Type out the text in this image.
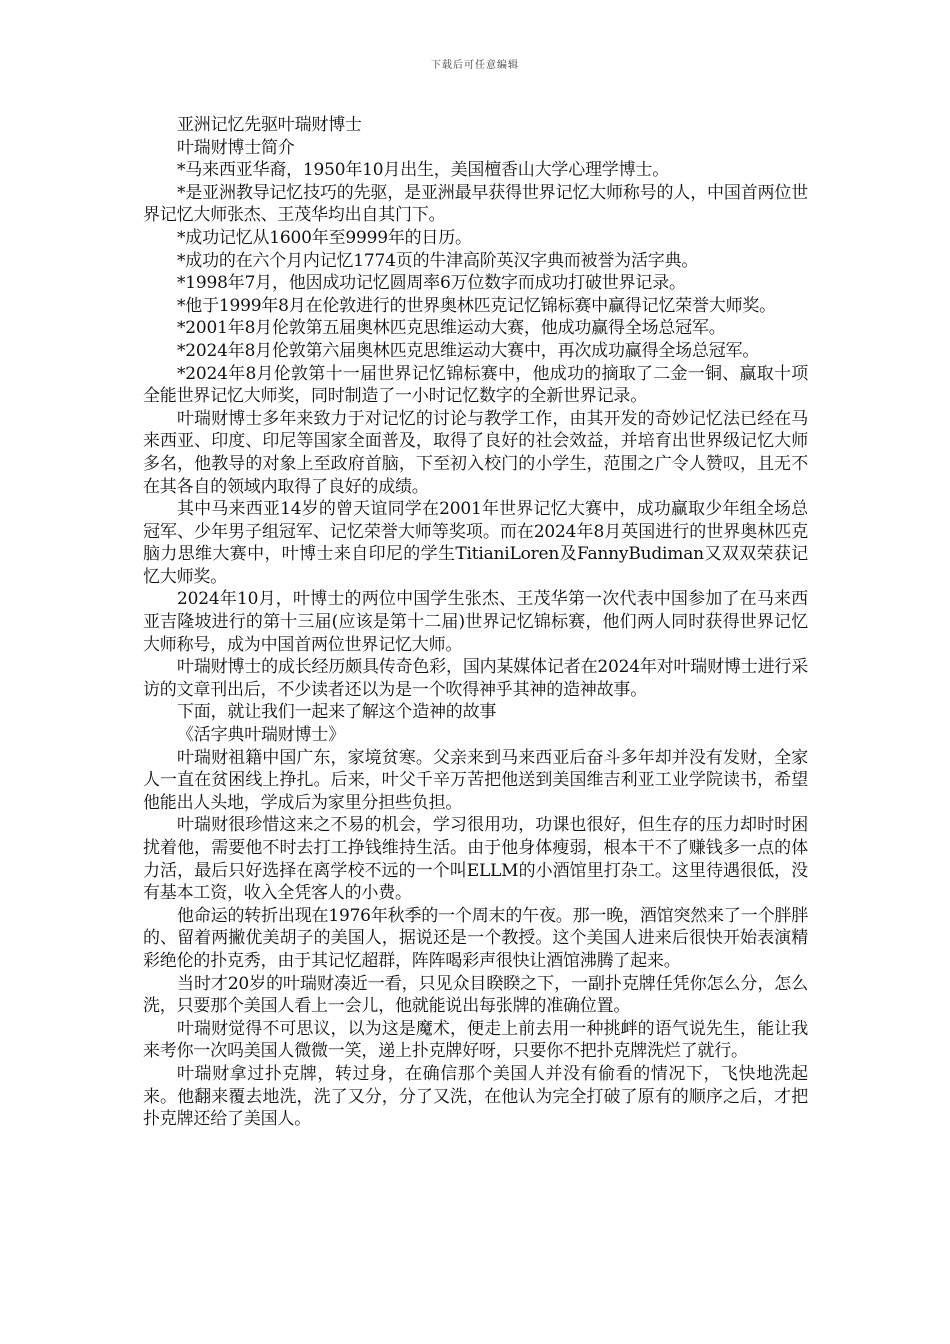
下载后可任意编辑

亚洲记忆先驱叶瑞财博士

叶瑞财博士简介

*马来西亚华裔，1950年10月出生，美国檀香山大学心理学博士。

*是亚洲教导记忆技巧的先驱，是亚洲最早获得世界记忆大师称号的人，中国首两位世界记忆大师张杰、王茂华均出自其门下。

*成功记忆从1600年至9999年的日历。

*成功的在六个月内记忆1774页的牛津高阶英汉字典而被誉为活字典。

*1998年7月，他因成功记忆圆周率6万位数字而成功打破世界记录。

*他于1999年8月在伦敦进行的世界奥林匹克记忆锦标赛中赢得记忆荣誉大师奖。

*2001年8月伦敦第五届奥林匹克思维运动大赛，他成功赢得全场总冠军。

*2024年8月伦敦第六届奥林匹克思维运动大赛中，再次成功赢得全场总冠军。

*2024年8月伦敦第十一届世界记忆锦标赛中，他成功的摘取了二金一铜、赢取十项全能世界记忆大师奖，同时制造了一小时记忆数字的全新世界记录。

叶瑞财博士多年来致力于对记忆的讨论与教学工作，由其开发的奇妙记忆法已经在马来西亚、印度、印尼等国家全面普及，取得了良好的社会效益，并培育出世界级记忆大师多名，他教导的对象上至政府首脑，下至初入校门的小学生，范围之广令人赞叹，且无不在其各自的领域内取得了良好的成绩。

其中马来西亚14岁的曾天谊同学在2001年世界记忆大赛中，成功赢取少年组全场总冠军、少年男子组冠军、记忆荣誉大师等奖项。而在2024年8月英国进行的世界奥林匹克脑力思维大赛中，叶博士来自印尼的学生TitianiLoren及FannyBudiman又双双荣获记忆大师奖。

2024年10月，叶博士的两位中国学生张杰、王茂华第一次代表中国参加了在马来西亚吉隆坡进行的第十三届(应该是第十二届)世界记忆锦标赛，他们两人同时获得世界记忆大师称号，成为中国首两位世界记忆大师。

叶瑞财博士的成长经历颇具传奇色彩，国内某媒体记者在2024年对叶瑞财博士进行采访的文章刊出后，不少读者还以为是一个吹得神乎其神的造神故事。

下面，就让我们一起来了解这个造神的故事

《活字典叶瑞财博士》

叶瑞财祖籍中国广东，家境贫寒。父亲来到马来西亚后奋斗多年却并没有发财，全家人一直在贫困线上挣扎。后来，叶父千辛万苦把他送到美国维吉利亚工业学院读书，希望他能出人头地，学成后为家里分担些负担。

叶瑞财很珍惜这来之不易的机会，学习很用功，功课也很好，但生存的压力却时时困扰着他，需要他不时去打工挣钱维持生活。由于他身体瘦弱，根本干不了赚钱多一点的体力活，最后只好选择在离学校不远的一个叫ELLM的小酒馆里打杂工。这里待遇很低，没有基本工资，收入全凭客人的小费。

他命运的转折出现在1976年秋季的一个周末的午夜。那一晚，酒馆突然来了一个胖胖的、留着两撇优美胡子的美国人，据说还是一个教授。这个美国人进来后很快开始表演精彩绝伦的扑克秀，由于其记忆超群，阵阵喝彩声很快让酒馆沸腾了起来。

当时才20岁的叶瑞财凑近一看，只见众目睽睽之下，一副扑克牌任凭你怎么分，怎么洗，只要那个美国人看上一会儿，他就能说出每张牌的准确位置。

叶瑞财觉得不可思议，以为这是魔术，便走上前去用一种挑衅的语气说先生，能让我来考你一次吗美国人微微一笑，递上扑克牌好呀，只要你不把扑克牌洗烂了就行。

叶瑞财拿过扑克牌，转过身，在确信那个美国人并没有偷看的情况下，飞快地洗起来。他翻来覆去地洗，洗了又分，分了又洗，在他认为完全打破了原有的顺序之后，才把扑克牌还给了美国人。
